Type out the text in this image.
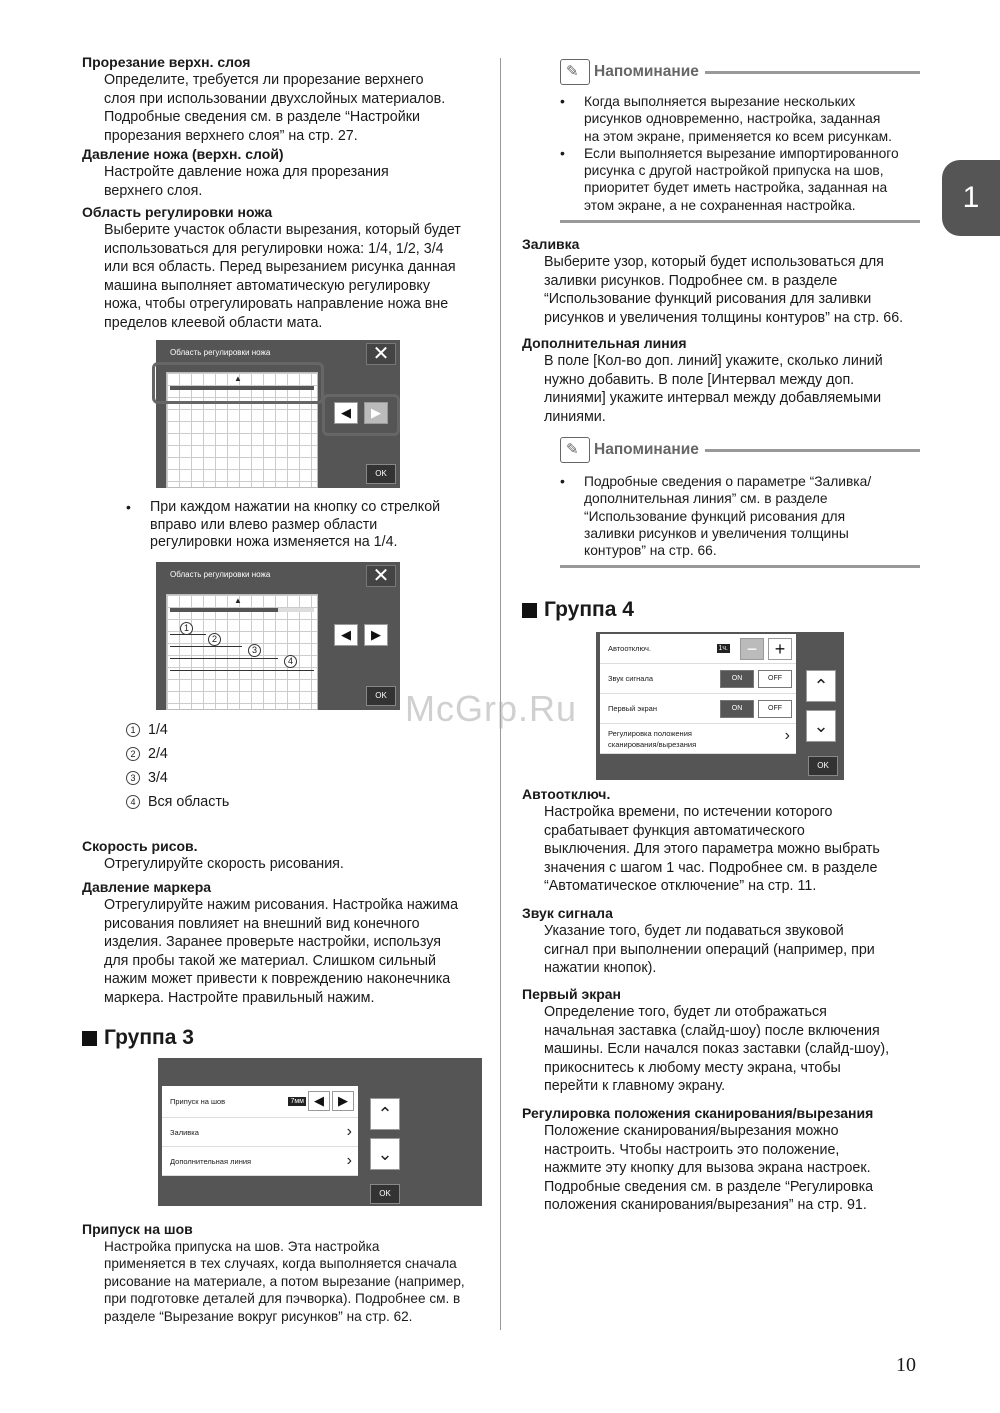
Прорезание верхн. слоя
Определите, требуется ли прорезание верхнего
слоя при использовании двухслойных материалов.
Подробные сведения см. в разделе “Настройки
прорезания верхнего слоя” на стр. 27.
Давление ножа (верхн. слой)
Настройте давление ножа для прорезания
верхнего слоя.
Область регулировки ножа
Выберите участок области вырезания, который будет
использоваться для регулировки ножа: 1/4, 1/2, 3/4
или вся область. Перед вырезанием рисунка данная
машина выполняет автоматическую регулировку
ножа, чтобы отрегулировать направление ножа вне
пределов клеевой области мата.
Область регулировки ножа	✕
▲
◀	▶
OK
•	При каждом нажатии на кнопку со стрелкой
вправо или влево размер области
регулировки ножа изменяется на 1/4.
Область регулировки ножа	✕
▲
1
2
3
4
◀	▶
OK
1 1/4
2 2/4
3 3/4
4 Вся область
Скорость рисов.
Отрегулируйте скорость рисования.
Давление маркера
Отрегулируйте нажим рисования. Настройка нажима
рисования повлияет на внешний вид конечного
изделия. Заранее проверьте настройки, используя
для пробы такой же материал. Слишком сильный
нажим может привести к повреждению наконечника
маркера. Настройте правильный нажим.
Группа 3
Припуск на шов	7мм ◀	▶
Заливка	›
Дополнительная линия	›
⌃
⌄
OK
Припуск на шов
Настройка припуска на шов. Эта настройка
применяется в тех случаях, когда выполняется сначала
рисование на материале, а потом вырезание (например,
при подготовке деталей для пэчворка). Подробнее см. в
разделе “Вырезание вокруг рисунков” на стр. 62.
✎ Напоминание
•	Когда выполняется вырезание нескольких
рисунков одновременно, настройка, заданная
на этом экране, применяется ко всем рисункам.
•	Если выполняется вырезание импортированного
рисунка с другой настройкой припуска на шов,
приоритет будет иметь настройка, заданная на
этом экране, а не сохраненная настройка.
Заливка
Выберите узор, который будет использоваться для
заливки рисунков. Подробнее см. в разделе
“Использование функций рисования для заливки
рисунков и увеличения толщины контуров” на стр. 66.
Дополнительная линия
В поле [Кол-во доп. линий] укажите, сколько линий
нужно добавить. В поле [Интервал между доп.
линиями] укажите интервал между добавляемыми
линиями.
✎ Напоминание
•	Подробные сведения о параметре “Заливка/
дополнительная линия” см. в разделе
“Использование функций рисования для
заливки рисунков и увеличения толщины
контуров” на стр. 66.
Группа 4
Автоотключ.	1ч.	− +
Звук сигнала	ON	OFF
Первый экран	ON	OFF
Регулировка положения
сканирования/вырезания	›
⌃
⌄
OK
Автоотключ.
Настройка времени, по истечении которого
срабатывает функция автоматического
выключения. Для этого параметра можно выбрать
значения с шагом 1 час. Подробнее см. в разделе
“Автоматическое отключение” на стр. 11.
Звук сигнала
Указание того, будет ли подаваться звуковой
сигнал при выполнении операций (например, при
нажатии кнопок).
Первый экран
Определение того, будет ли отображаться
начальная заставка (слайд-шоу) после включения
машины. Если начался показ заставки (слайд-шоу),
прикоснитесь к любому месту экрана, чтобы
перейти к главному экрану.
Регулировка положения сканирования/вырезания
Положение сканирования/вырезания можно
настроить. Чтобы настроить это положение,
нажмите эту кнопку для вызова экрана настроек.
Подробные сведения см. в разделе “Регулировка
положения сканирования/вырезания” на стр. 91.
1
10
McGrp.Ru
